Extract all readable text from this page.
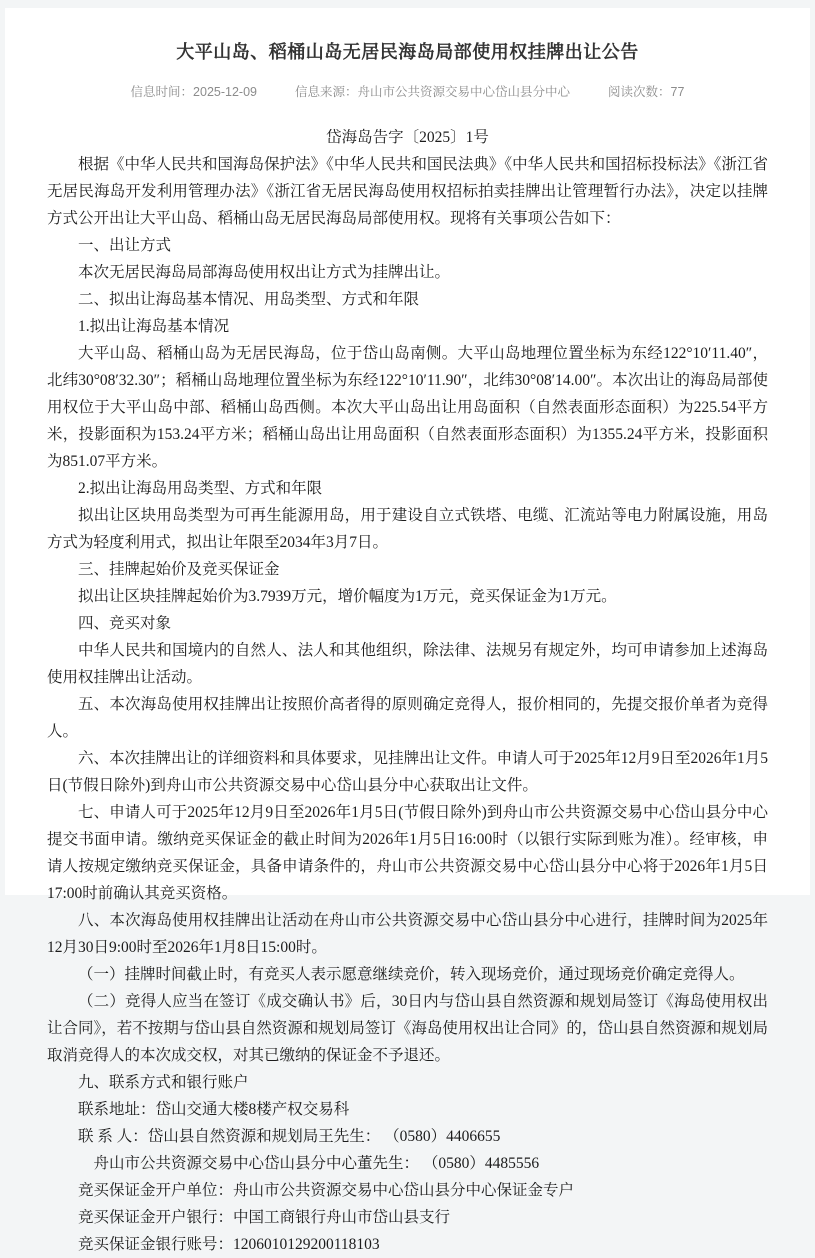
大平山岛、稻桶山岛无居民海岛局部使用权挂牌出让公告
信息时间：2025-12-09	信息来源：舟山市公共资源交易中心岱山县分中心	阅读次数：77

岱海岛告字〔2025〕1号

根据《中华人民共和国海岛保护法》《中华人民共和国民法典》《中华人民共和国招标投标法》《浙江省无居民海岛开发利用管理办法》《浙江省无居民海岛使用权招标拍卖挂牌出让管理暂行办法》，决定以挂牌方式公开出让大平山岛、稻桶山岛无居民海岛局部使用权。现将有关事项公告如下：

一、出让方式

本次无居民海岛局部海岛使用权出让方式为挂牌出让。

二、拟出让海岛基本情况、用岛类型、方式和年限

1.拟出让海岛基本情况

大平山岛、稻桶山岛为无居民海岛，位于岱山岛南侧。大平山岛地理位置坐标为东经122°10′11.40″，北纬30°08′32.30″；稻桶山岛地理位置坐标为东经122°10′11.90″，北纬30°08′14.00″。本次出让的海岛局部使用权位于大平山岛中部、稻桶山岛西侧。本次大平山岛出让用岛面积（自然表面形态面积）为225.54平方米，投影面积为153.24平方米；稻桶山岛出让用岛面积（自然表面形态面积）为1355.24平方米，投影面积为851.07平方米。

2.拟出让海岛用岛类型、方式和年限

拟出让区块用岛类型为可再生能源用岛，用于建设自立式铁塔、电缆、汇流站等电力附属设施，用岛方式为轻度利用式，拟出让年限至2034年3月7日。

三、挂牌起始价及竞买保证金

拟出让区块挂牌起始价为3.7939万元，增价幅度为1万元，竞买保证金为1万元。

四、竞买对象

中华人民共和国境内的自然人、法人和其他组织，除法律、法规另有规定外，均可申请参加上述海岛使用权挂牌出让活动。

五、本次海岛使用权挂牌出让按照价高者得的原则确定竞得人，报价相同的，先提交报价单者为竞得人。

六、本次挂牌出让的详细资料和具体要求，见挂牌出让文件。申请人可于2025年12月9日至2026年1月5日(节假日除外)到舟山市公共资源交易中心岱山县分中心获取出让文件。

七、申请人可于2025年12月9日至2026年1月5日(节假日除外)到舟山市公共资源交易中心岱山县分中心提交书面申请。缴纳竞买保证金的截止时间为2026年1月5日16:00时（以银行实际到账为准）。经审核，申请人按规定缴纳竞买保证金，具备申请条件的，舟山市公共资源交易中心岱山县分中心将于2026年1月5日 17:00时前确认其竞买资格。

八、本次海岛使用权挂牌出让活动在舟山市公共资源交易中心岱山县分中心进行，挂牌时间为2025年12月30日9:00时至2026年1月8日15:00时。

（一）挂牌时间截止时，有竞买人表示愿意继续竞价，转入现场竞价，通过现场竞价确定竞得人。

（二）竞得人应当在签订《成交确认书》后，30日内与岱山县自然资源和规划局签订《海岛使用权出让合同》，若不按期与岱山县自然资源和规划局签订《海岛使用权出让合同》的，岱山县自然资源和规划局取消竞得人的本次成交权，对其已缴纳的保证金不予退还。

九、联系方式和银行账户

联系地址：岱山交通大楼8楼产权交易科

联 系 人：岱山县自然资源和规划局王先生： （0580）4406655

舟山市公共资源交易中心岱山县分中心董先生： （0580）4485556

竞买保证金开户单位：舟山市公共资源交易中心岱山县分中心保证金专户

竞买保证金开户银行：中国工商银行舟山市岱山县支行

竞买保证金银行账号：1206010129200118103
